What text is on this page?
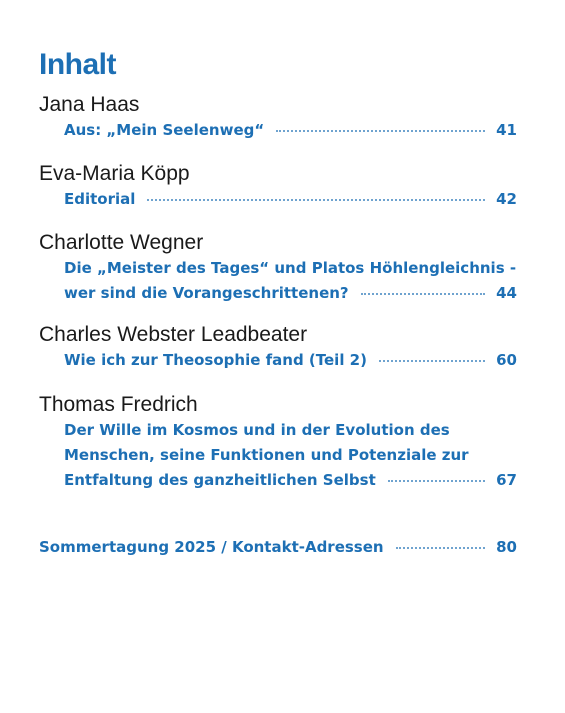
Inhalt
Jana Haas
Aus: „Mein Seelenweg“	41
Eva-Maria Köpp
Editorial	42
Charlotte Wegner
Die „Meister des Tages“ und Platos Höhlengleichnis -
wer sind die Vorangeschrittenen?	44
Charles Webster Leadbeater
Wie ich zur Theosophie fand (Teil 2)	60
Thomas Fredrich
Der Wille im Kosmos und in der Evolution des
Menschen, seine Funktionen und Potenziale zur
Entfaltung des ganzheitlichen Selbst	67
Sommertagung 2025 / Kontakt-Adressen	80
